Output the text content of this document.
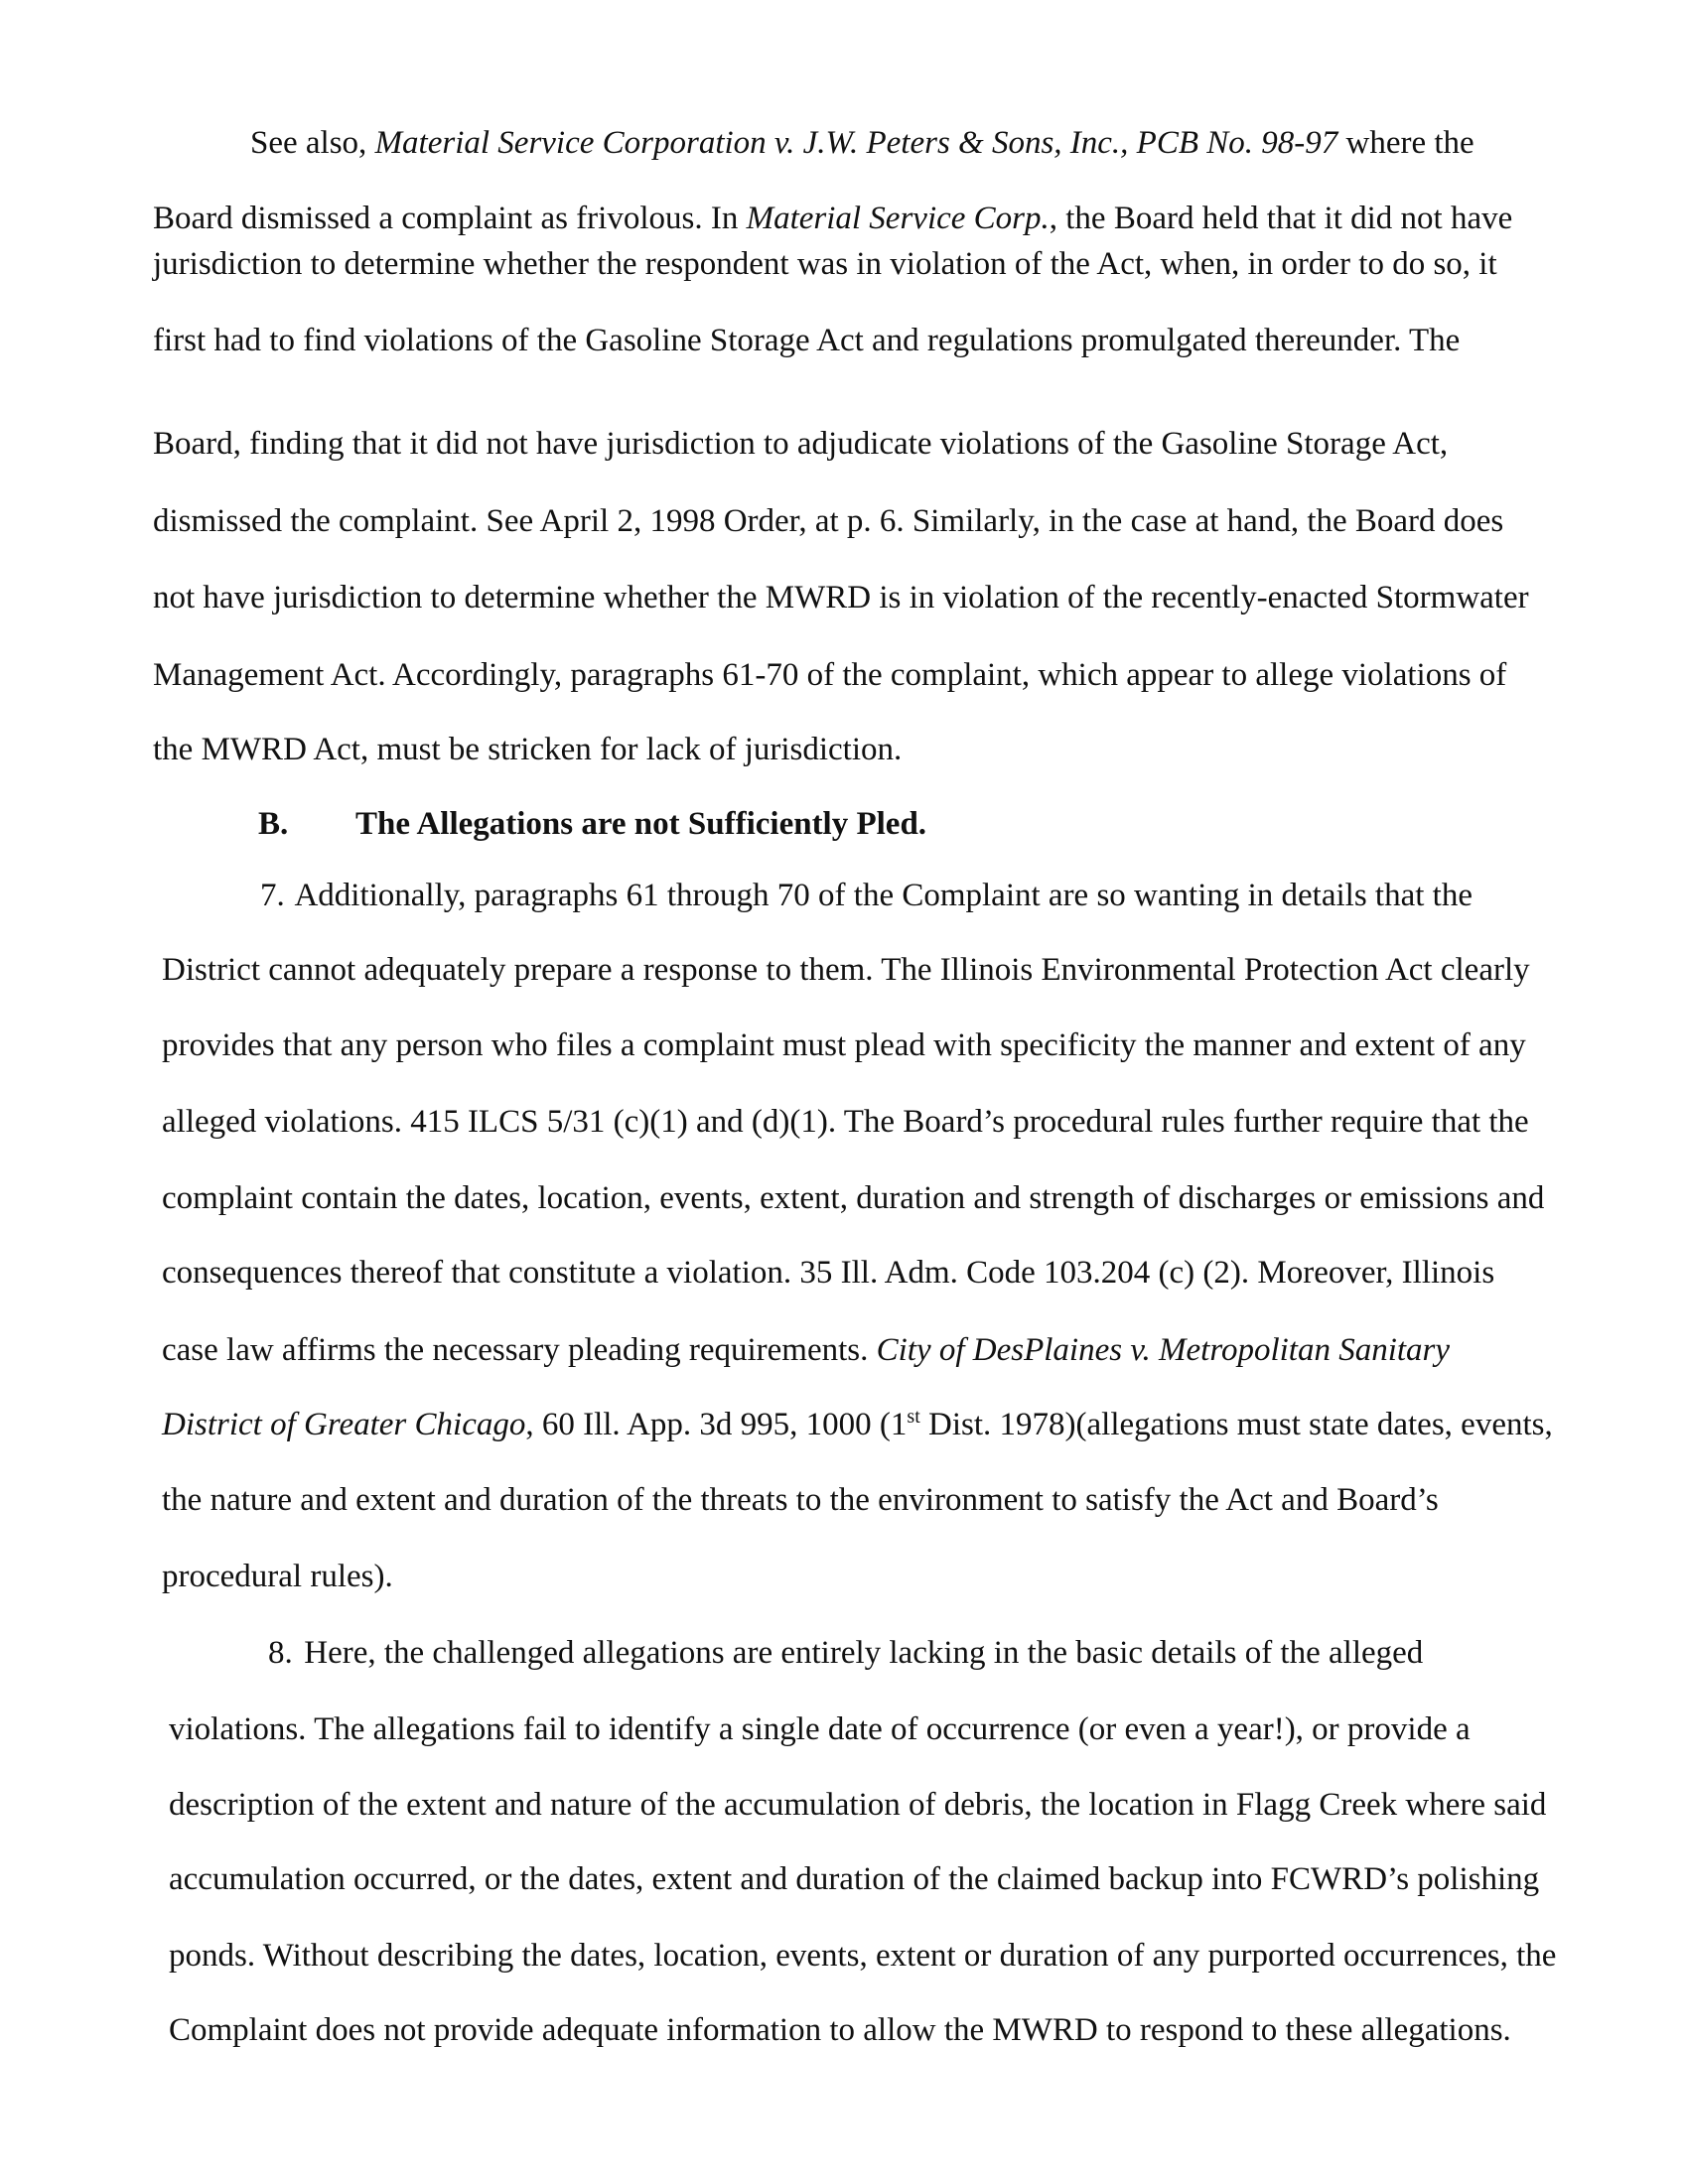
See also, Material Service Corporation v. J.W. Peters & Sons, Inc., PCB No. 98-97 where the
Board dismissed a complaint as frivolous. In Material Service Corp., the Board held that it did not have
jurisdiction to determine whether the respondent was in violation of the Act, when, in order to do so, it
first had to find violations of the Gasoline Storage Act and regulations promulgated thereunder. The
Board, finding that it did not have jurisdiction to adjudicate violations of the Gasoline Storage Act,
dismissed the complaint. See April 2, 1998 Order, at p. 6. Similarly, in the case at hand, the Board does
not have jurisdiction to determine whether the MWRD is in violation of the recently-enacted Stormwater
Management Act. Accordingly, paragraphs 61-70 of the complaint, which appear to allege violations of
the MWRD Act, must be stricken for lack of jurisdiction.
B. The Allegations are not Sufficiently Pled.
7. Additionally, paragraphs 61 through 70 of the Complaint are so wanting in details that the
District cannot adequately prepare a response to them. The Illinois Environmental Protection Act clearly
provides that any person who files a complaint must plead with specificity the manner and extent of any
alleged violations. 415 ILCS 5/31 (c)(1) and (d)(1). The Board’s procedural rules further require that the
complaint contain the dates, location, events, extent, duration and strength of discharges or emissions and
consequences thereof that constitute a violation. 35 Ill. Adm. Code 103.204 (c) (2). Moreover, Illinois
case law affirms the necessary pleading requirements. City of DesPlaines v. Metropolitan Sanitary
District of Greater Chicago, 60 Ill. App. 3d 995, 1000 (1st Dist. 1978)(allegations must state dates, events,
the nature and extent and duration of the threats to the environment to satisfy the Act and Board’s
procedural rules).
8. Here, the challenged allegations are entirely lacking in the basic details of the alleged
violations. The allegations fail to identify a single date of occurrence (or even a year!), or provide a
description of the extent and nature of the accumulation of debris, the location in Flagg Creek where said
accumulation occurred, or the dates, extent and duration of the claimed backup into FCWRD’s polishing
ponds. Without describing the dates, location, events, extent or duration of any purported occurrences, the
Complaint does not provide adequate information to allow the MWRD to respond to these allegations.
